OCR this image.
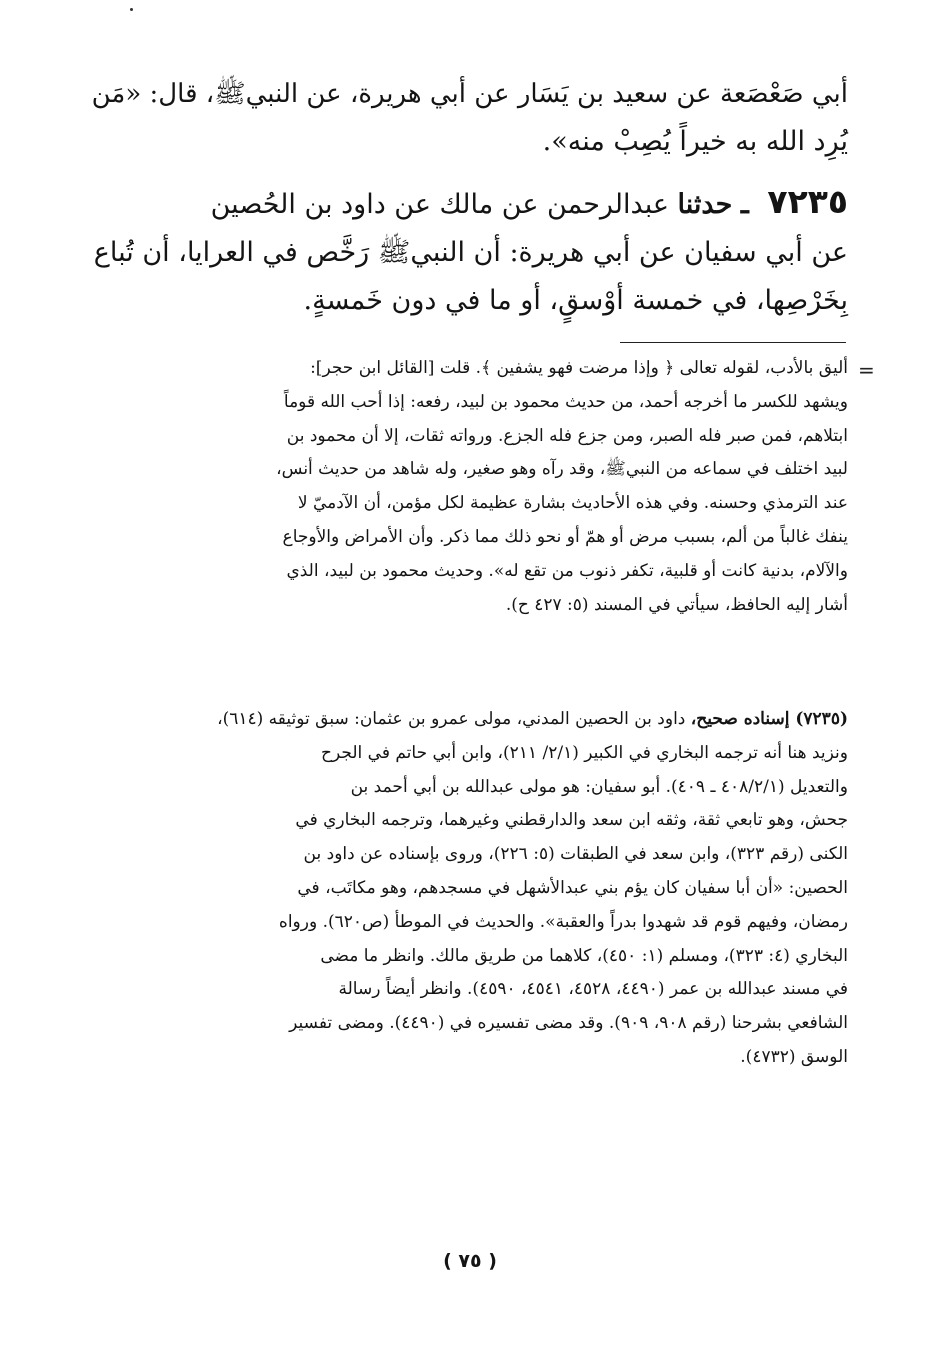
أبي صَعْصَعة عن سعيد بن يَسَار عن أبي هريرة، عن النبيﷺ، قال: «مَن
يُرِد الله به خيراً يُصِبْ منه».
٧٢٣٥ ـ حدثنا عبدالرحمن عن مالك عن داود بن الحُصين
عن أبي سفيان عن أبي هريرة: أن النبيﷺ رَخَّص في العرايا، أن تُباع
بِخَرْصِها، في خمسة أوْسقٍ، أو ما في دون خَمسةٍ.
=
أليق بالأدب، لقوله تعالى ﴿ وإذا مرضت فهو يشفين ﴾. قلت [القائل ابن حجر]:
ويشهد للكسر ما أخرجه أحمد، من حديث محمود بن لبيد، رفعه: إذا أحب الله قوماً
ابتلاهم، فمن صبر فله الصبر، ومن جزع فله الجزع. ورواته ثقات، إلا أن محمود بن
لبيد اختلف في سماعه من النبيﷺ، وقد رآه وهو صغير، وله شاهد من حديث أنس،
عند الترمذي وحسنه. وفي هذه الأحاديث بشارة عظيمة لكل مؤمن، أن الآدميّ لا
ينفك غالباً من ألم، بسبب مرض أو همّ أو نحو ذلك مما ذكر. وأن الأمراض والأوجاع
والآلام، بدنية كانت أو قلبية، تكفر ذنوب من تقع له». وحديث محمود بن لبيد، الذي
أشار إليه الحافظ، سيأتي في المسند (٥: ٤٢٧ ح).
(٧٢٣٥) إسناده صحيح، داود بن الحصين المدني، مولى عمرو بن عثمان: سبق توثيقه (٦١٤)،
ونزيد هنا أنه ترجمه البخاري في الكبير (٢/١/ ٢١١)، وابن أبي حاتم في الجرح
والتعديل (٤٠٨/٢/١ ـ ٤٠٩). أبو سفيان: هو مولى عبدالله بن أبي أحمد بن
جحش، وهو تابعي ثقة، وثقه ابن سعد والدارقطني وغيرهما، وترجمه البخاري في
الكنى (رقم ٣٢٣)، وابن سعد في الطبقات (٥: ٢٢٦)، وروى بإسناده عن داود بن
الحصين: «أن أبا سفيان كان يؤم بني عبدالأشهل في مسجدهم، وهو مكاتَب، في
رمضان، وفيهم قوم قد شهدوا بدراً والعقبة». والحديث في الموطأ (ص٦٢٠). ورواه
البخاري (٤: ٣٢٣)، ومسلم (١: ٤٥٠)، كلاهما من طريق مالك. وانظر ما مضى
في مسند عبدالله بن عمر (٤٤٩٠، ٤٥٢٨، ٤٥٤١، ٤٥٩٠). وانظر أيضاً رسالة
الشافعي بشرحنا (رقم ٩٠٨، ٩٠٩). وقد مضى تفسيره في (٤٤٩٠). ومضى تفسير
الوسق (٤٧٣٢).
( ٧٥ )
